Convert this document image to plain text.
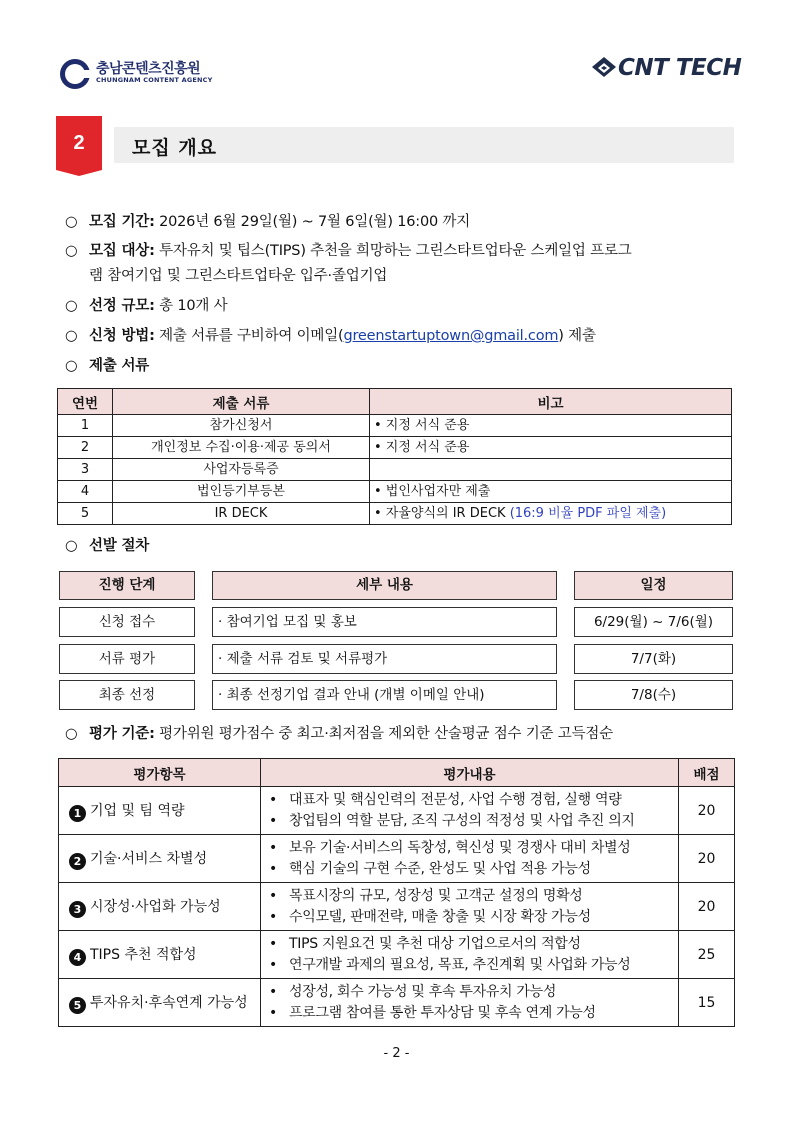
충남콘텐츠진흥원
CHUNGNAM CONTENT AGENCY	CNT TECH
2	모집 개요
○ 모집 기간: 2026년 6월 29일(월) ~ 7월 6일(월) 16:00 까지
○ 모집 대상: 투자유치 및 팁스(TIPS) 추천을 희망하는 그린스타트업타운 스케일업 프로그
램 참여기업 및 그린스타트업타운 입주·졸업기업
○ 선정 규모: 총 10개 사
○ 신청 방법: 제출 서류를 구비하여 이메일(greenstartuptown@gmail.com) 제출
○ 제출 서류
연번	제출 서류	비고
1	참가신청서	• 지정 서식 준용
2	개인정보 수집·이용·제공 동의서	• 지정 서식 준용
3	사업자등록증	
4	법인등기부등본	• 법인사업자만 제출
5	IR DECK	• 자율양식의 IR DECK (16:9 비율 PDF 파일 제출)
○ 선발 절차
진행 단계	세부 내용	일정
신청 접수	· 참여기업 모집 및 홍보	6/29(월) ~ 7/6(월)
서류 평가	· 제출 서류 검토 및 서류평가	7/7(화)
최종 선정	· 최종 선정기업 결과 안내 (개별 이메일 안내)	7/8(수)
○ 평가 기준: 평가위원 평가점수 중 최고·최저점을 제외한 산술평균 점수 기준 고득점순
평가항목	평가내용	배점
1 기업 및 팀 역량	• 대표자 및 핵심인력의 전문성, 사업 수행 경험, 실행 역량
• 창업팀의 역할 분담, 조직 구성의 적정성 및 사업 추진 의지	20
2 기술·서비스 차별성	• 보유 기술·서비스의 독창성, 혁신성 및 경쟁사 대비 차별성
• 핵심 기술의 구현 수준, 완성도 및 사업 적용 가능성	20
3 시장성·사업화 가능성	• 목표시장의 규모, 성장성 및 고객군 설정의 명확성
• 수익모델, 판매전략, 매출 창출 및 시장 확장 가능성	20
4 TIPS 추천 적합성	• TIPS 지원요건 및 추천 대상 기업으로서의 적합성
• 연구개발 과제의 필요성, 목표, 추진계획 및 사업화 가능성	25
5 투자유치·후속연계 가능성	• 성장성, 회수 가능성 및 후속 투자유치 가능성
• 프로그램 참여를 통한 투자상담 및 후속 연계 가능성	15
- 2 -
